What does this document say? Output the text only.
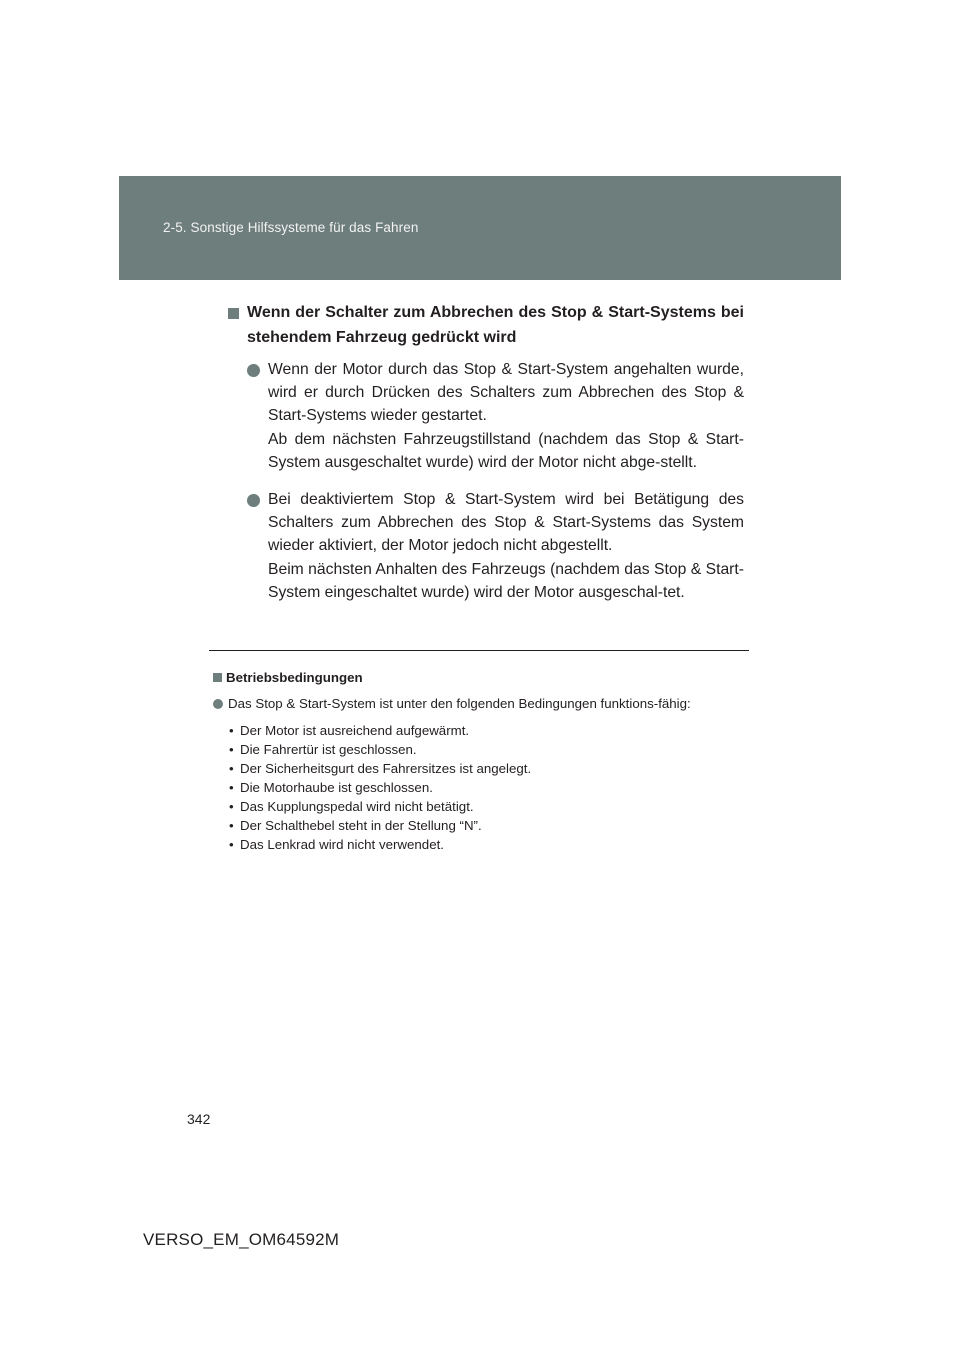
2-5. Sonstige Hilfssysteme für das Fahren
Wenn der Schalter zum Abbrechen des Stop & Start-Systems bei stehendem Fahrzeug gedrückt wird

Wenn der Motor durch das Stop & Start-System angehalten wurde, wird er durch Drücken des Schalters zum Abbrechen des Stop & Start-Systems wieder gestartet.

Ab dem nächsten Fahrzeugstillstand (nachdem das Stop & Start-System ausgeschaltet wurde) wird der Motor nicht abge-stellt.

Bei deaktiviertem Stop & Start-System wird bei Betätigung des Schalters zum Abbrechen des Stop & Start-Systems das System wieder aktiviert, der Motor jedoch nicht abgestellt.

Beim nächsten Anhalten des Fahrzeugs (nachdem das Stop & Start-System eingeschaltet wurde) wird der Motor ausgeschal-tet.

Betriebsbedingungen
Das Stop & Start-System ist unter den folgenden Bedingungen funktions-fähig:
• Der Motor ist ausreichend aufgewärmt.
• Die Fahrertür ist geschlossen.
• Der Sicherheitsgurt des Fahrersitzes ist angelegt.
• Die Motorhaube ist geschlossen.
• Das Kupplungspedal wird nicht betätigt.
• Der Schalthebel steht in der Stellung “N”.
• Das Lenkrad wird nicht verwendet.
342
VERSO_EM_OM64592M
